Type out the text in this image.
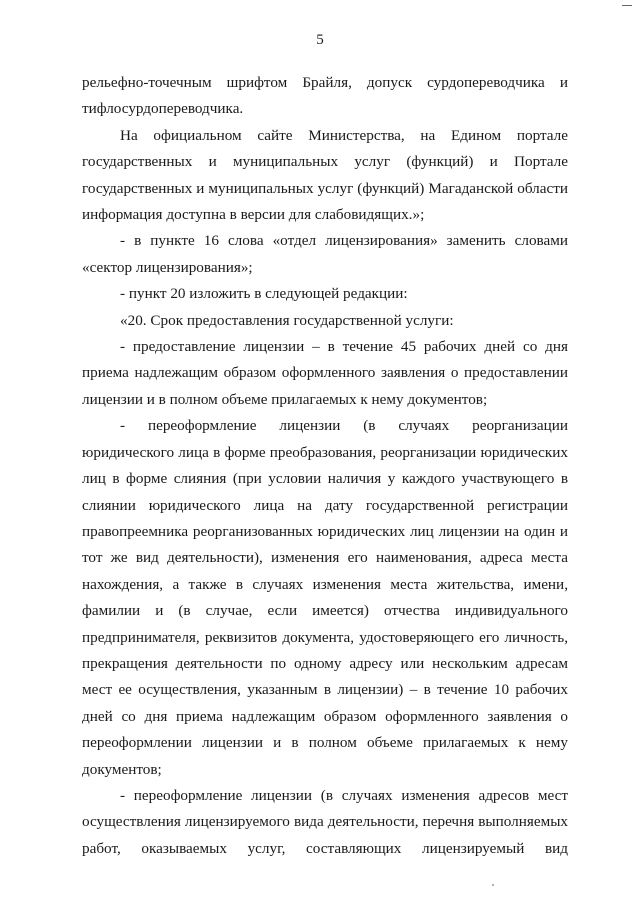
5

рельефно-точечным шрифтом Брайля, допуск сурдопереводчика и тифлосурдопереводчика.

На официальном сайте Министерства, на Едином портале государственных и муниципальных услуг (функций) и Портале государственных и муниципальных услуг (функций) Магаданской области информация доступна в версии для слабовидящих.»;

- в пункте 16 слова «отдел лицензирования» заменить словами «сектор лицензирования»;

- пункт 20 изложить в следующей редакции:

«20. Срок предоставления государственной услуги:

- предоставление лицензии – в течение 45 рабочих дней со дня приема надлежащим образом оформленного заявления о предоставлении лицензии и в полном объеме прилагаемых к нему документов;

- переоформление лицензии (в случаях реорганизации юридического лица в форме преобразования, реорганизации юридических лиц в форме слияния (при условии наличия у каждого участвующего в слиянии юридического лица на дату государственной регистрации правопреемника реорганизованных юридических лиц лицензии на один и тот же вид деятельности), изменения его наименования, адреса места нахождения, а также в случаях изменения места жительства, имени, фамилии и (в случае, если имеется) отчества индивидуального предпринимателя, реквизитов документа, удостоверяющего его личность, прекращения деятельности по одному адресу или нескольким адресам мест ее осуществления, указанным в лицензии) – в течение 10 рабочих дней со дня приема надлежащим образом оформленного заявления о переоформлении лицензии и в полном объеме прилагаемых к нему документов;

- переоформление лицензии (в случаях изменения адресов мест осуществления лицензируемого вида деятельности, перечня выполняемых работ, оказываемых услуг, составляющих лицензируемый вид
